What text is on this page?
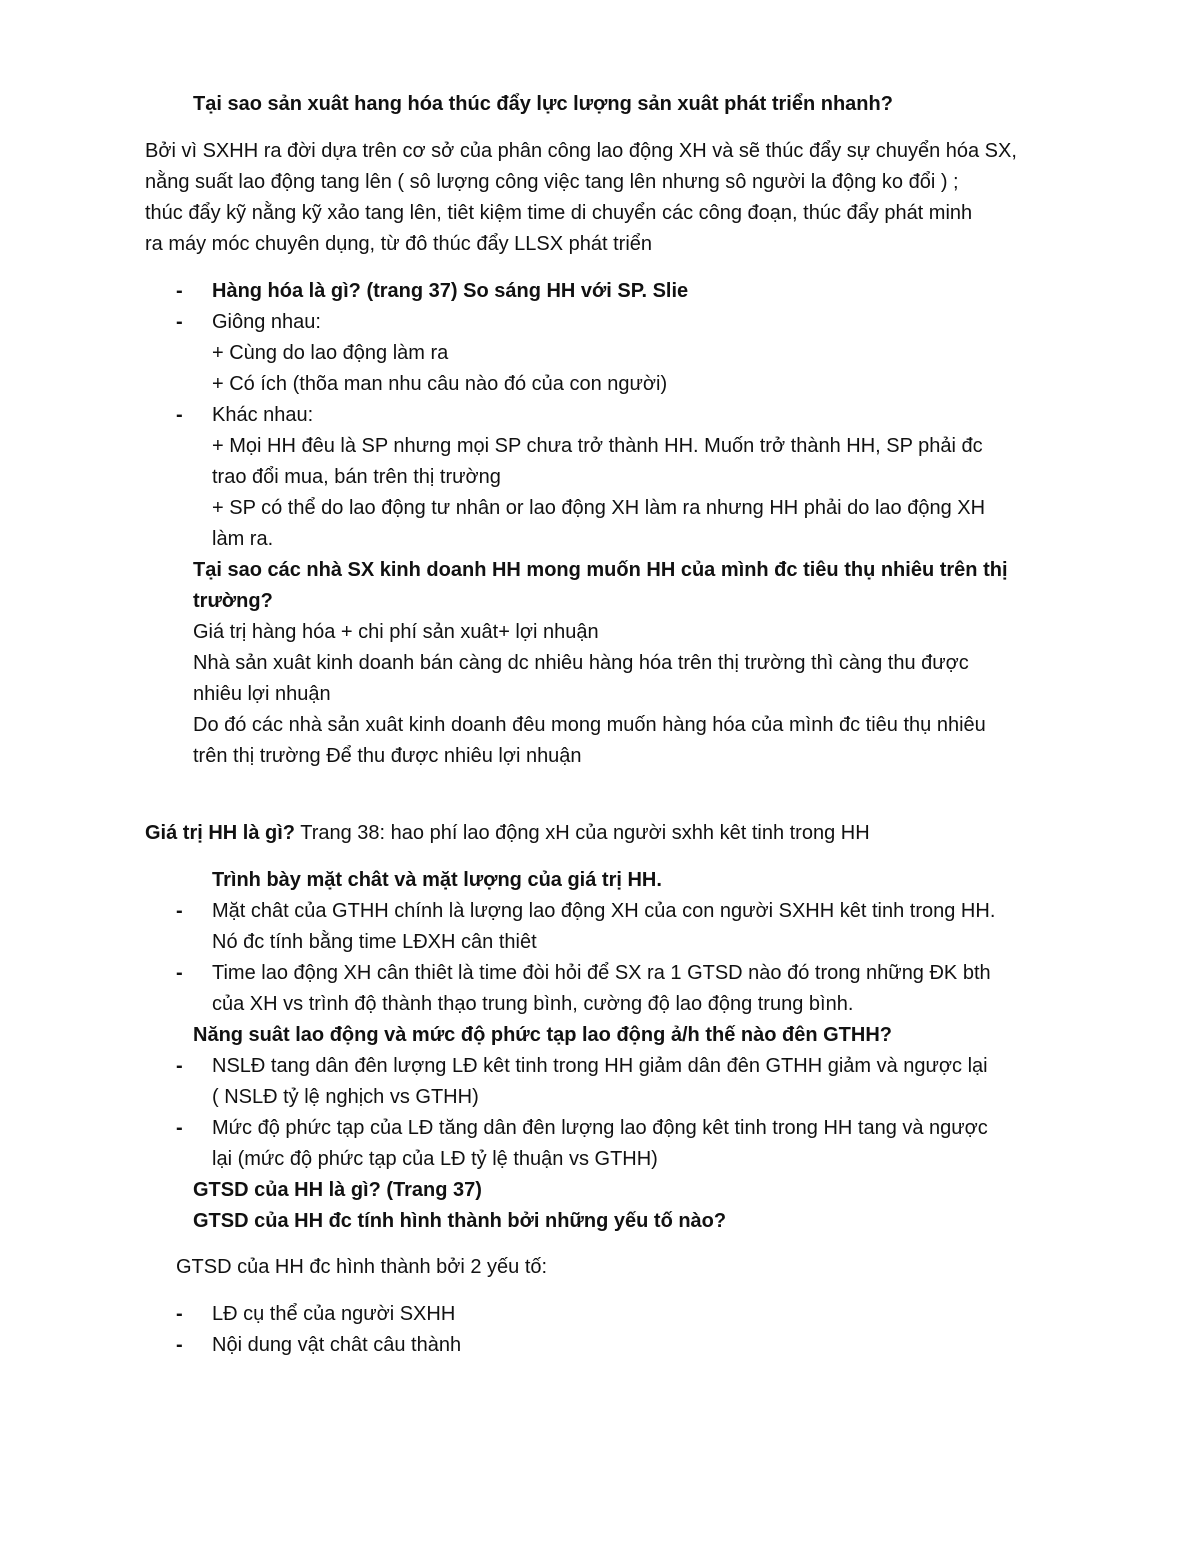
Tại sao sản xuât hang hóa thúc đẩy lực lượng sản xuât phát triển nhanh?
Bởi vì SXHH ra đời dựa trên cơ sở của phân công lao động XH và sẽ thúc đẩy sự chuyển hóa SX,
nằng suất lao động tang lên ( sô lượng công việc tang lên nhưng sô người la động ko đổi ) ;
thúc đẩy kỹ nằng kỹ xảo tang lên, tiêt kiệm time di chuyển các công đoạn, thúc đẩy phát minh
ra máy móc chuyên dụng, từ đô thúc đẩy LLSX phát triển
- Hàng hóa là gì? (trang 37) So sáng HH với SP. Slie
- Giông nhau:
+ Cùng do lao động làm ra
+ Có ích (thõa man nhu câu nào đó của con người)
- Khác nhau:
+ Mọi HH đêu là SP nhưng mọi SP chưa trở thành HH. Muốn trở thành HH, SP phải đc
trao đổi mua, bán trên thị trường
+ SP có thể do lao động tư nhân or lao động XH làm ra nhưng HH phải do lao động XH
làm ra.
Tại sao các nhà SX kinh doanh HH mong muốn HH của mình đc tiêu thụ nhiêu trên thị
trường?
Giá trị hàng hóa + chi phí sản xuât+ lợi nhuận
Nhà sản xuât kinh doanh bán càng dc nhiêu hàng hóa trên thị trường thì càng thu được
nhiêu lợi nhuận
Do đó các nhà sản xuât kinh doanh đêu mong muốn hàng hóa của mình đc tiêu thụ nhiêu
trên thị trường Để thu được nhiêu lợi nhuận
Giá trị HH là gì? Trang 38: hao phí lao động xH của người sxhh kêt tinh trong HH
Trình bày mặt chât và mặt lượng của giá trị HH.
- Mặt chât của GTHH chính là lượng lao động XH của con người SXHH kêt tinh trong HH.
Nó đc tính bằng time LĐXH cân thiêt
- Time lao động XH cân thiêt là time đòi hỏi để SX ra 1 GTSD nào đó trong những ĐK bth
của XH vs trình độ thành thạo trung bình, cường độ lao động trung bình.
Năng suât lao động và mức độ phức tạp lao động ả/h thế nào đên GTHH?
- NSLĐ tang dân đên lượng LĐ kêt tinh trong HH giảm dân đên GTHH giảm và ngược lại
( NSLĐ tỷ lệ nghịch vs GTHH)
- Mức độ phức tạp của LĐ tăng dân đên lượng lao động kêt tinh trong HH tang và ngược
lại (mức độ phức tạp của LĐ tỷ lệ thuận vs GTHH)
GTSD của HH là gì? (Trang 37)
GTSD của HH đc tính hình thành bởi những yếu tố nào?
GTSD của HH đc hình thành bởi 2 yếu tố:
- LĐ cụ thể của người SXHH
- Nội dung vật chât câu thành
